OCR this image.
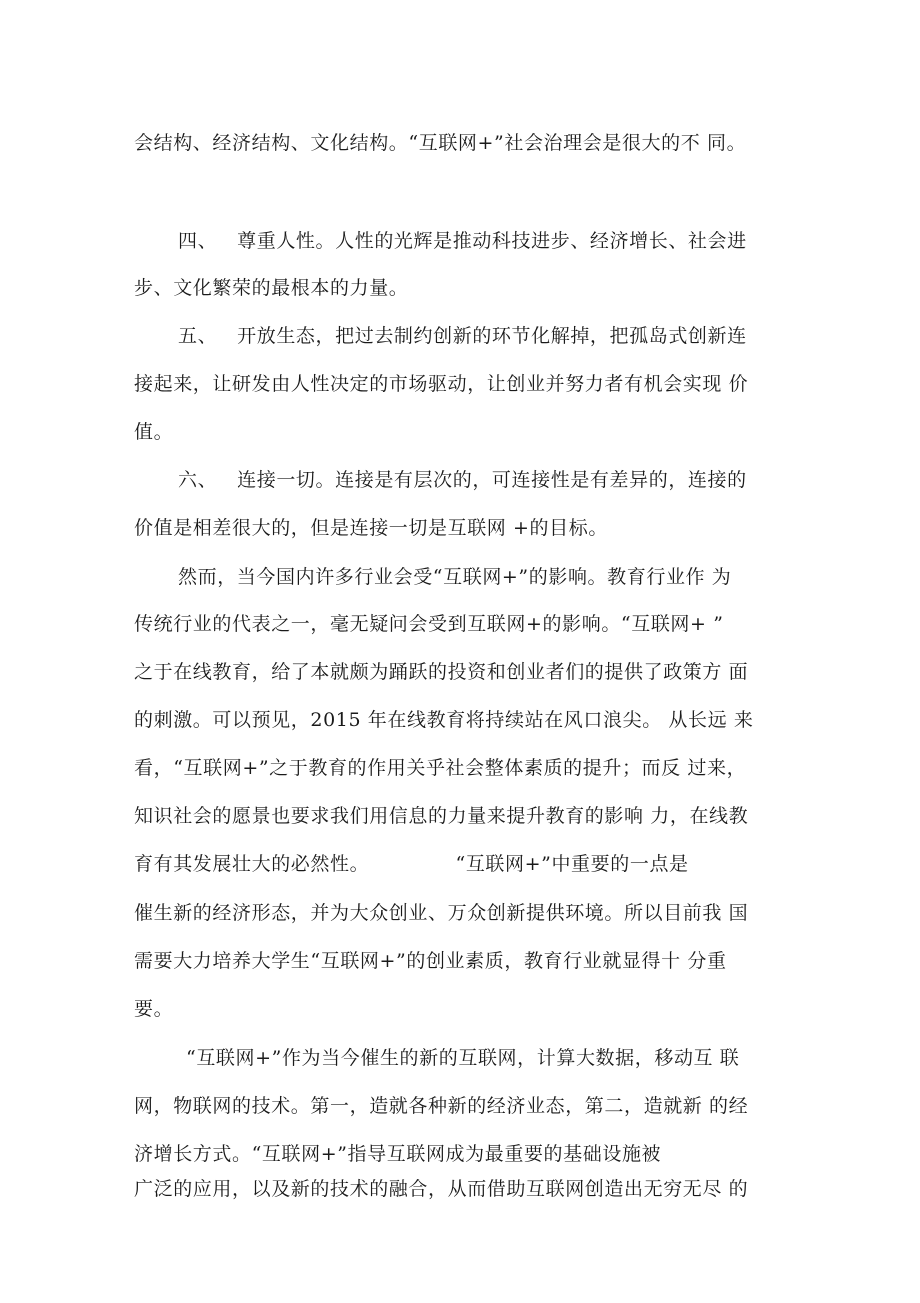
会结构、经济结构、文化结构。“互联网+”社会治理会是很大的不 同。
四、   尊重人性。人性的光辉是推动科技进步、经济增长、社会进
步、文化繁荣的最根本的力量。
五、   开放生态，把过去制约创新的环节化解掉，把孤岛式创新连
接起来，让研发由人性决定的市场驱动，让创业并努力者有机会实现 价
值。
六、   连接一切。连接是有层次的，可连接性是有差异的，连接的
价值是相差很大的，但是连接一切是互联网 +的目标。
然而，当今国内许多行业会受“互联网+”的影响。教育行业作 为
传统行业的代表之一，毫无疑问会受到互联网+的影响。“互联网+ ”
之于在线教育，给了本就颇为踊跃的投资和创业者们的提供了政策方 面
的刺激。可以预见，2015 年在线教育将持续站在风口浪尖。 从长远 来
看，“互联网+”之于教育的作用关乎社会整体素质的提升；而反 过来，
知识社会的愿景也要求我们用信息的力量来提升教育的影响 力，在线教
育有其发展壮大的必然性。             “互联网+”中重要的一点是
催生新的经济形态，并为大众创业、万众创新提供环境。所以目前我 国
需要大力培养大学生“互联网+”的创业素质，教育行业就显得十 分重
要。
“互联网+”作为当今催生的新的互联网，计算大数据，移动互 联
网，物联网的技术。第一，造就各种新的经济业态，第二，造就新 的经
济增长方式。“互联网+”指导互联网成为最重要的基础设施被
广泛的应用，以及新的技术的融合，从而借助互联网创造出无穷无尽 的
